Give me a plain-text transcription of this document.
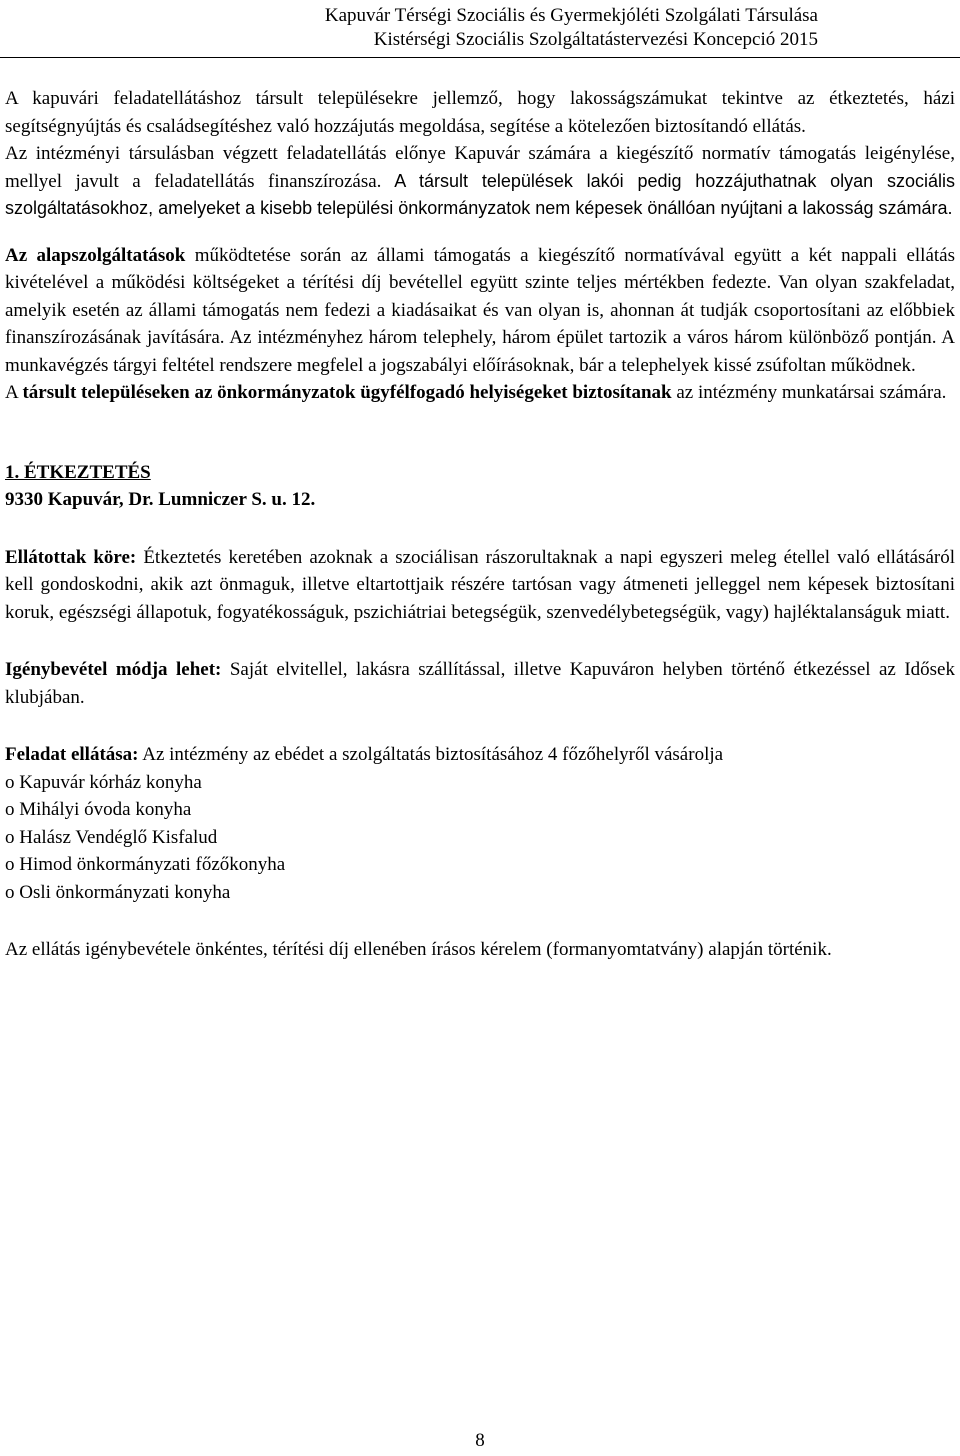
Kapuvár Térségi Szociális és Gyermekjóléti Szolgálati Társulása
Kistérségi Szociális Szolgáltatástervezési Koncepció 2015

A kapuvári feladatellátáshoz társult településekre jellemző, hogy lakosságszámukat tekintve az étkeztetés, házi segítségnyújtás és családsegítéshez való hozzájutás megoldása, segítése a kötelezően biztosítandó ellátás.

Az intézményi társulásban végzett feladatellátás előnye Kapuvár számára a kiegészítő normatív támogatás leigénylése, mellyel javult a feladatellátás finanszírozása. A társult települések lakói pedig hozzájuthatnak olyan szociális szolgáltatásokhoz, amelyeket a kisebb települési önkormányzatok nem képesek önállóan nyújtani a lakosság számára.

Az alapszolgáltatások működtetése során az állami támogatás a kiegészítő normatívával együtt a két nappali ellátás kivételével a működési költségeket a térítési díj bevétellel együtt szinte teljes mértékben fedezte. Van olyan szakfeladat, amelyik esetén az állami támogatás nem fedezi a kiadásaikat és van olyan is, ahonnan át tudják csoportosítani az előbbiek finanszírozásának javítására. Az intézményhez három telephely, három épület tartozik a város három különböző pontján. A munkavégzés tárgyi feltétel rendszere megfelel a jogszabályi előírásoknak, bár a telephelyek kissé zsúfoltan működnek.

A társult településeken az önkormányzatok ügyfélfogadó helyiségeket biztosítanak az intézmény munkatársai számára.

1. ÉTKEZTETÉS

9330 Kapuvár, Dr. Lumniczer S. u. 12.

Ellátottak köre: Étkeztetés keretében azoknak a szociálisan rászorultaknak a napi egyszeri meleg étellel való ellátásáról kell gondoskodni, akik azt önmaguk, illetve eltartottjaik részére tartósan vagy átmeneti jelleggel nem képesek biztosítani koruk, egészségi állapotuk, fogyatékosságuk, pszichiátriai betegségük, szenvedélybetegségük, vagy) hajléktalanságuk miatt.

Igénybevétel módja lehet: Saját elvitellel, lakásra szállítással, illetve Kapuváron helyben történő étkezéssel az Idősek klubjában.

Feladat ellátása: Az intézmény az ebédet a szolgáltatás biztosításához 4 főzőhelyről vásárolja

o Kapuvár kórház konyha

o Mihályi óvoda konyha

o Halász Vendéglő Kisfalud

o Himod önkormányzati főzőkonyha

o Osli önkormányzati konyha

Az ellátás igénybevétele önkéntes, térítési díj ellenében írásos kérelem (formanyomtatvány) alapján történik.

8
